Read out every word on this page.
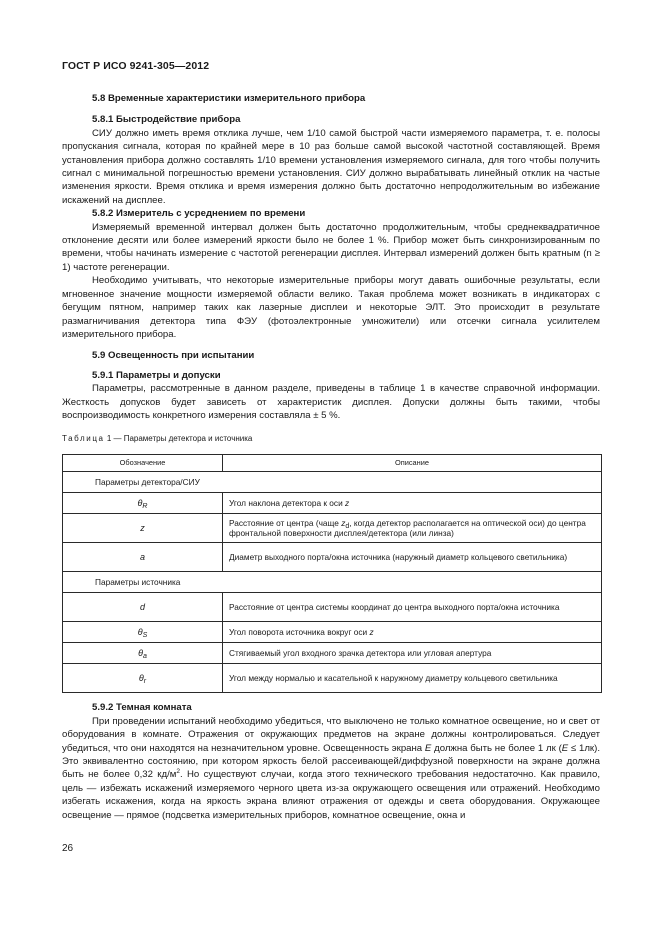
ГОСТ Р ИСО 9241-305—2012

5.8 Временные характеристики измерительного прибора

5.8.1 Быстродействие прибора

СИУ должно иметь время отклика лучше, чем 1/10 самой быстрой части измеряемого параметра, т. е. полосы пропускания сигнала, которая по крайней мере в 10 раз больше самой высокой частотной составляющей. Время установления прибора должно составлять 1/10 времени установления измеряемого сигнала, для того чтобы получить сигнал с минимальной погрешностью времени установления. СИУ должно вырабатывать линейный отклик на частые изменения яркости. Время отклика и время измерения должно быть достаточно непродолжительным во избежание искажений на дисплее.

5.8.2 Измеритель с усреднением по времени

Измеряемый временной интервал должен быть достаточно продолжительным, чтобы среднеквадратичное отклонение десяти или более измерений яркости было не более 1 %. Прибор может быть синхронизированным по времени, чтобы начинать измерение с частотой регенерации дисплея. Интервал измерений должен быть кратным (n ≥ 1) частоте регенерации.

Необходимо учитывать, что некоторые измерительные приборы могут давать ошибочные результаты, если мгновенное значение мощности измеряемой области велико. Такая проблема может возникать в индикаторах с бегущим пятном, например таких как лазерные дисплеи и некоторые ЭЛТ. Это происходит в результате размагничивания детектора типа ФЭУ (фотоэлектронные умножители) или отсечки сигнала усилителем измерительного прибора.

5.9 Освещенность при испытании

5.9.1 Параметры и допуски

Параметры, рассмотренные в данном разделе, приведены в таблице 1 в качестве справочной информации. Жесткость допусков будет зависеть от характеристик дисплея. Допуски должны быть такими, чтобы воспроизводимость конкретного измерения составляла ± 5 %.

Таблица 1 — Параметры детектора и источника
Обозначение	Описание
Параметры детектора/СИУ	
$\theta_R$	Угол наклона детектора к оси z
z	Расстояние от центра (чаще $z_d$, когда детектор располагается на оптической оси) до центра фронтальной поверхности дисплея/детектора (или линза)
a	Диаметр выходного порта/окна источника (наружный диаметр кольцевого светильника)
Параметры источника	
d	Расстояние от центра системы координат до центра выходного порта/окна источника
$\theta_S$	Угол поворота источника вокруг оси z
$\theta_a$	Стягиваемый угол входного зрачка детектора или угловая апертура
$\theta_r$	Угол между нормалью и касательной к наружному диаметру кольцевого светильника

5.9.2 Темная комната

При проведении испытаний необходимо убедиться, что выключено не только комнатное освещение, но и свет от оборудования в комнате. Отражения от окружающих предметов на экране должны контролироваться. Следует убедиться, что они находятся на незначительном уровне. Освещенность экрана E должна быть не более 1 лк (E ≤ 1лк). Это эквивалентно состоянию, при котором яркость белой рассеивающей/диффузной поверхности на экране должна быть не более 0,32 $кд/м^2$. Но существуют случаи, когда этого технического требования недостаточно. Как правило, цель — избежать искажений измеряемого черного цвета из-за окружающего освещения или отражений. Необходимо избегать искажения, когда на яркость экрана влияют отражения от одежды и света оборудования. Окружающее освещение — прямое (подсветка измерительных приборов, комнатное освещение, окна и

26
